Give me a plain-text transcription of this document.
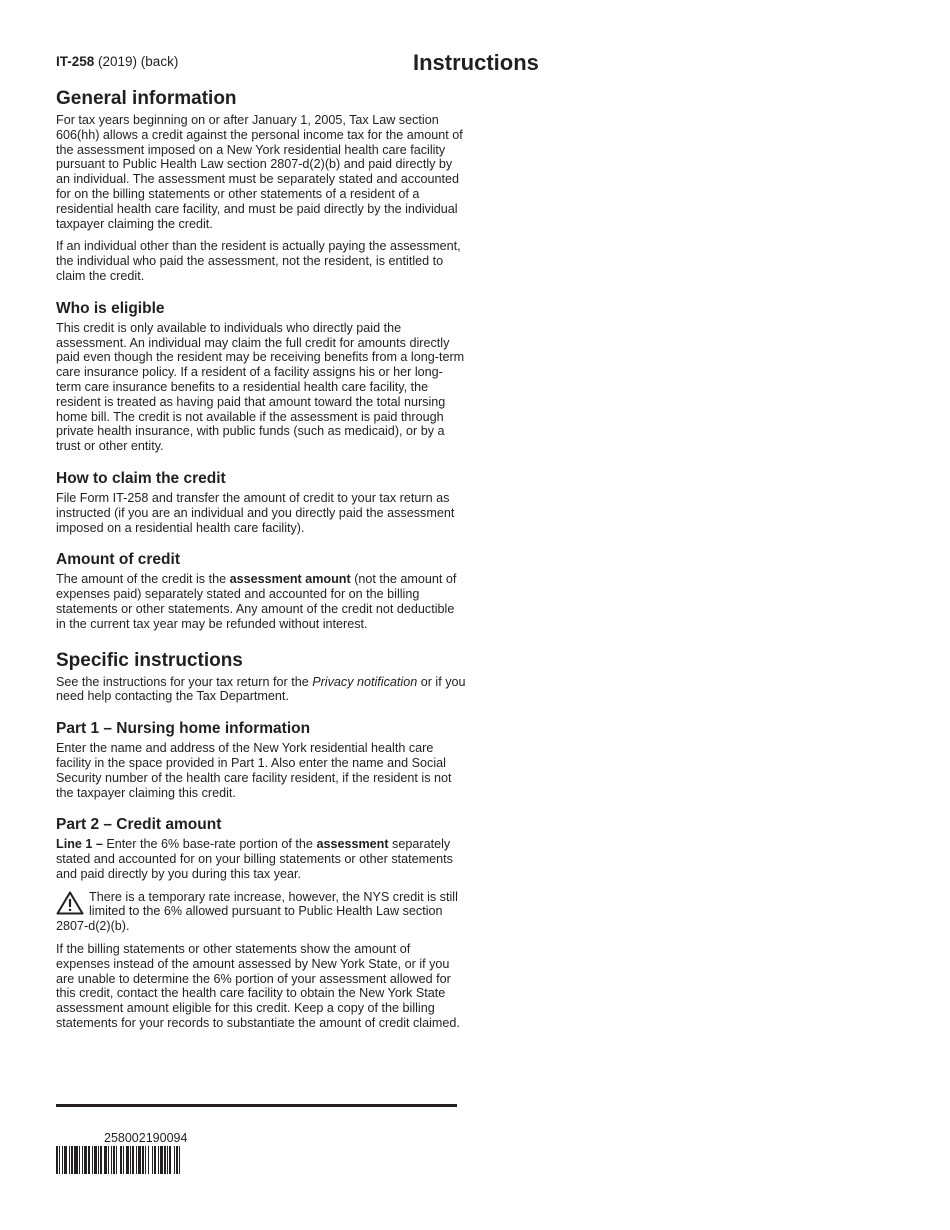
IT-258 (2019) (back)	Instructions
General information

For tax years beginning on or after January 1, 2005, Tax Law section 606(hh) allows a credit against the personal income tax for the amount of the assessment imposed on a New York residential health care facility pursuant to Public Health Law section 2807-d(2)(b) and paid directly by an individual. The assessment must be separately stated and accounted for on the billing statements or other statements of a resident of a residential health care facility, and must be paid directly by the individual taxpayer claiming the credit.

If an individual other than the resident is actually paying the assessment, the individual who paid the assessment, not the resident, is entitled to claim the credit.

Who is eligible

This credit is only available to individuals who directly paid the assessment. An individual may claim the full credit for amounts directly paid even though the resident may be receiving benefits from a long-term care insurance policy. If a resident of a facility assigns his or her long-term care insurance benefits to a residential health care facility, the resident is treated as having paid that amount toward the total nursing home bill. The credit is not available if the assessment is paid through private health insurance, with public funds (such as medicaid), or by a trust or other entity.

How to claim the credit

File Form IT-258 and transfer the amount of credit to your tax return as instructed (if you are an individual and you directly paid the assessment imposed on a residential health care facility).

Amount of credit

The amount of the credit is the assessment amount (not the amount of expenses paid) separately stated and accounted for on the billing statements or other statements. Any amount of the credit not deductible in the current tax year may be refunded without interest.

Specific instructions

See the instructions for your tax return for the Privacy notification or if you need help contacting the Tax Department.

Part 1 – Nursing home information

Enter the name and address of the New York residential health care facility in the space provided in Part 1. Also enter the name and Social Security number of the health care facility resident, if the resident is not the taxpayer claiming this credit.

Part 2 – Credit amount

Line 1 – Enter the 6% base-rate portion of the assessment separately stated and accounted for on your billing statements or other statements and paid directly by you during this tax year.

There is a temporary rate increase, however, the NYS credit is still limited to the 6% allowed pursuant to Public Health Law section 2807-d(2)(b).

If the billing statements or other statements show the amount of expenses instead of the amount assessed by New York State, or if you are unable to determine the 6% portion of your assessment allowed for this credit, contact the health care facility to obtain the New York State assessment amount eligible for this credit. Keep a copy of the billing statements for your records to substantiate the amount of credit claimed.

258002190094
